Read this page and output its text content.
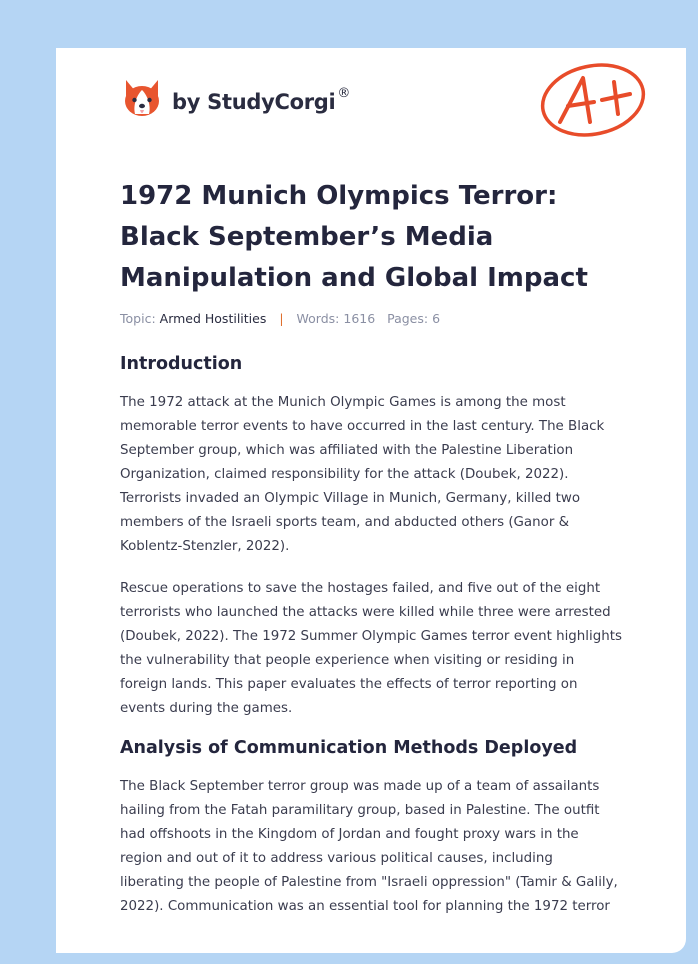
by StudyCorgi ®
1972 Munich Olympics Terror:
Black September’s Media
Manipulation and Global Impact
Topic: Armed Hostilities | Words: 1616 Pages: 6
Introduction

The 1972 attack at the Munich Olympic Games is among the most
memorable terror events to have occurred in the last century. The Black
September group, which was affiliated with the Palestine Liberation
Organization, claimed responsibility for the attack (Doubek, 2022).
Terrorists invaded an Olympic Village in Munich, Germany, killed two
members of the Israeli sports team, and abducted others (Ganor &
Koblentz-Stenzler, 2022).

Rescue operations to save the hostages failed, and five out of the eight
terrorists who launched the attacks were killed while three were arrested
(Doubek, 2022). The 1972 Summer Olympic Games terror event highlights
the vulnerability that people experience when visiting or residing in
foreign lands. This paper evaluates the effects of terror reporting on
events during the games.

Analysis of Communication Methods Deployed

The Black September terror group was made up of a team of assailants
hailing from the Fatah paramilitary group, based in Palestine. The outfit
had offshoots in the Kingdom of Jordan and fought proxy wars in the
region and out of it to address various political causes, including
liberating the people of Palestine from "Israeli oppression" (Tamir & Galily,
2022). Communication was an essential tool for planning the 1972 terror
